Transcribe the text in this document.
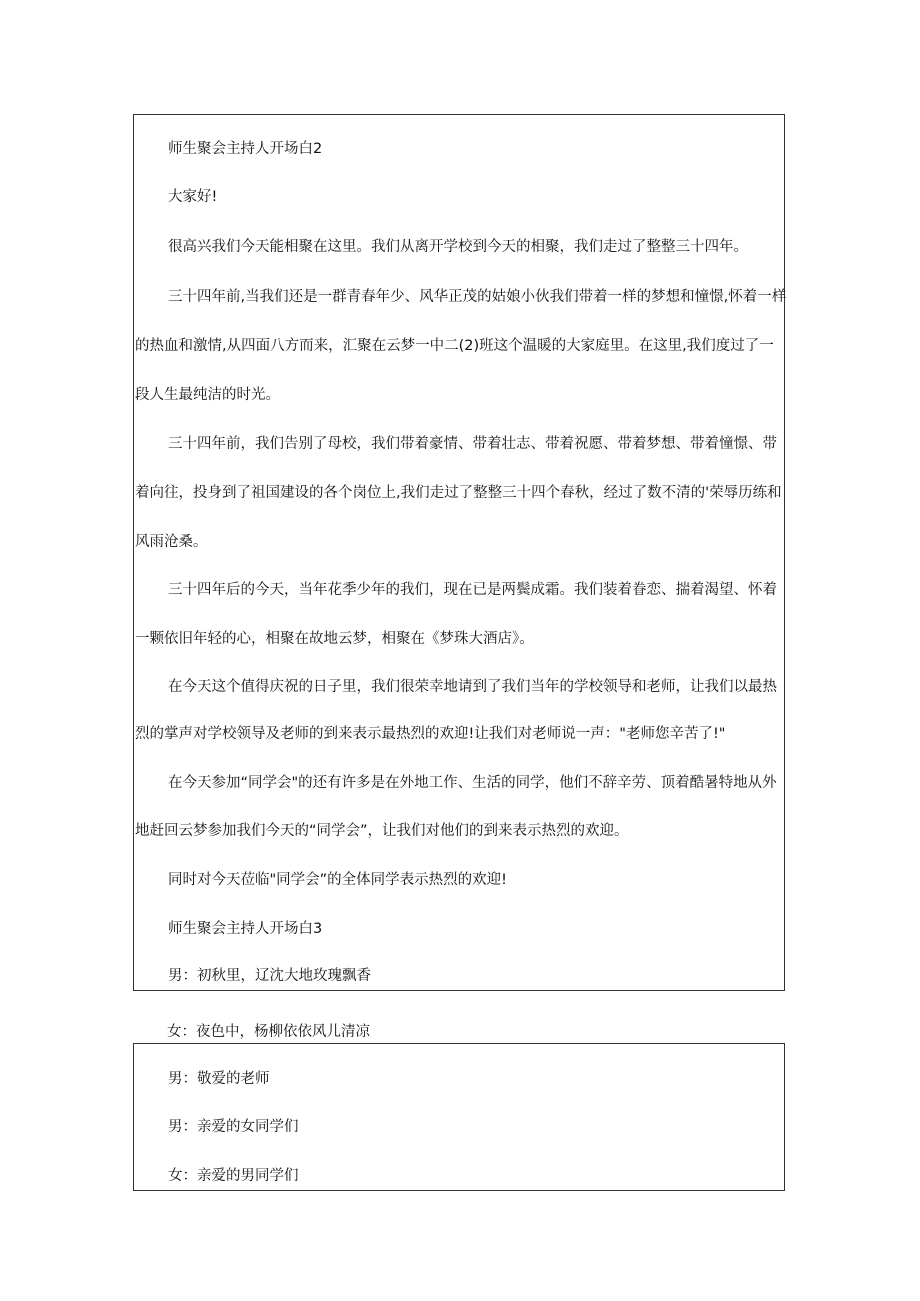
师生聚会主持人开场白2
大家好!
很高兴我们今天能相聚在这里。我们从离开学校到今天的相聚，我们走过了整整三十四年。
三十四年前,当我们还是一群青春年少、风华正茂的姑娘小伙我们带着一样的梦想和憧憬,怀着一样
的热血和激情,从四面八方而来，汇聚在云梦一中二(2)班这个温暖的大家庭里。在这里,我们度过了一
段人生最纯洁的时光。
三十四年前，我们告别了母校，我们带着豪情、带着壮志、带着祝愿、带着梦想、带着憧憬、带
着向往，投身到了祖国建设的各个岗位上,我们走过了整整三十四个春秋，经过了数不清的'荣辱历练和
风雨沧桑。
三十四年后的今天，当年花季少年的我们，现在已是两鬓成霜。我们装着眷恋、揣着渴望、怀着
一颗依旧年轻的心，相聚在故地云梦，相聚在《梦珠大酒店》。
在今天这个值得庆祝的日子里，我们很荣幸地请到了我们当年的学校领导和老师，让我们以最热
烈的掌声对学校领导及老师的到来表示最热烈的欢迎!让我们对老师说一声："老师您辛苦了!"
在今天参加“同学会"的还有许多是在外地工作、生活的同学，他们不辞辛劳、顶着酷暑特地从外
地赶回云梦参加我们今天的“同学会”，让我们对他们的到来表示热烈的欢迎。
同时对今天莅临"同学会”的全体同学表示热烈的欢迎!
师生聚会主持人开场白3
男：初秋里，辽沈大地玫瑰飘香
女：夜色中，杨柳依依风儿清凉
男：敬爱的老师
男：亲爱的女同学们
女：亲爱的男同学们
